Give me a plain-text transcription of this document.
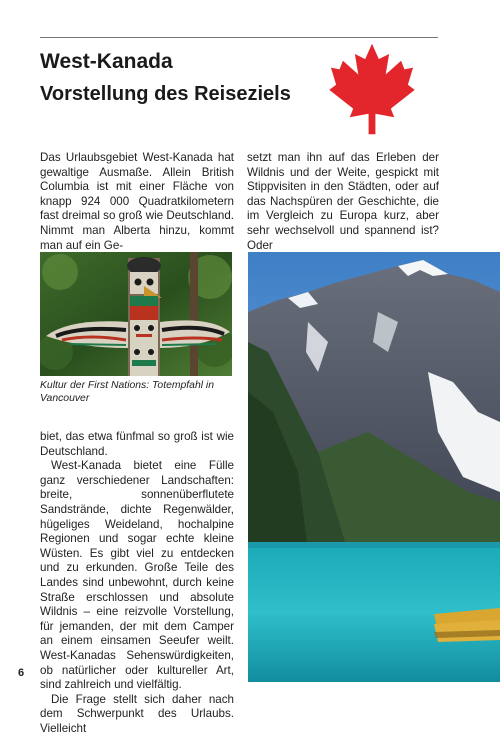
West-Kanada
Vorstellung des Reiseziels

Das Urlaubsgebiet West-Kanada hat gewaltige Ausmaße. Allein British Columbia ist mit einer Fläche von knapp 924 000 Quadratkilometern fast dreimal so groß wie Deutschland. Nimmt man Alberta hinzu, kommt man auf ein Ge-

setzt man ihn auf das Erleben der Wildnis und der Weite, gespickt mit Stippvisiten in den Städten, oder auf das Nachspüren der Geschichte, die im Vergleich zu Europa kurz, aber sehr wechselvoll und spannend ist? Oder

Kultur der First Nations: Totempfahl in Vancouver

biet, das etwa fünfmal so groß ist wie Deutschland.

West-Kanada bietet eine Fülle ganz verschiedener Landschaften: breite, sonnenüberflutete Sandstrände, dichte Regenwälder, hügeliges Weideland, hochalpine Regionen und sogar echte kleine Wüsten. Es gibt viel zu entdecken und zu erkunden. Große Teile des Landes sind unbewohnt, durch keine Straße erschlossen und absolute Wildnis – eine reizvolle Vorstellung, für jemanden, der mit dem Camper an einem einsamen Seeufer weilt. West-Kanadas Sehenswürdigkeiten, ob natürlicher oder kultureller Art, sind zahlreich und vielfältig.

Die Frage stellt sich daher nach dem Schwerpunkt des Urlaubs. Vielleicht

6
